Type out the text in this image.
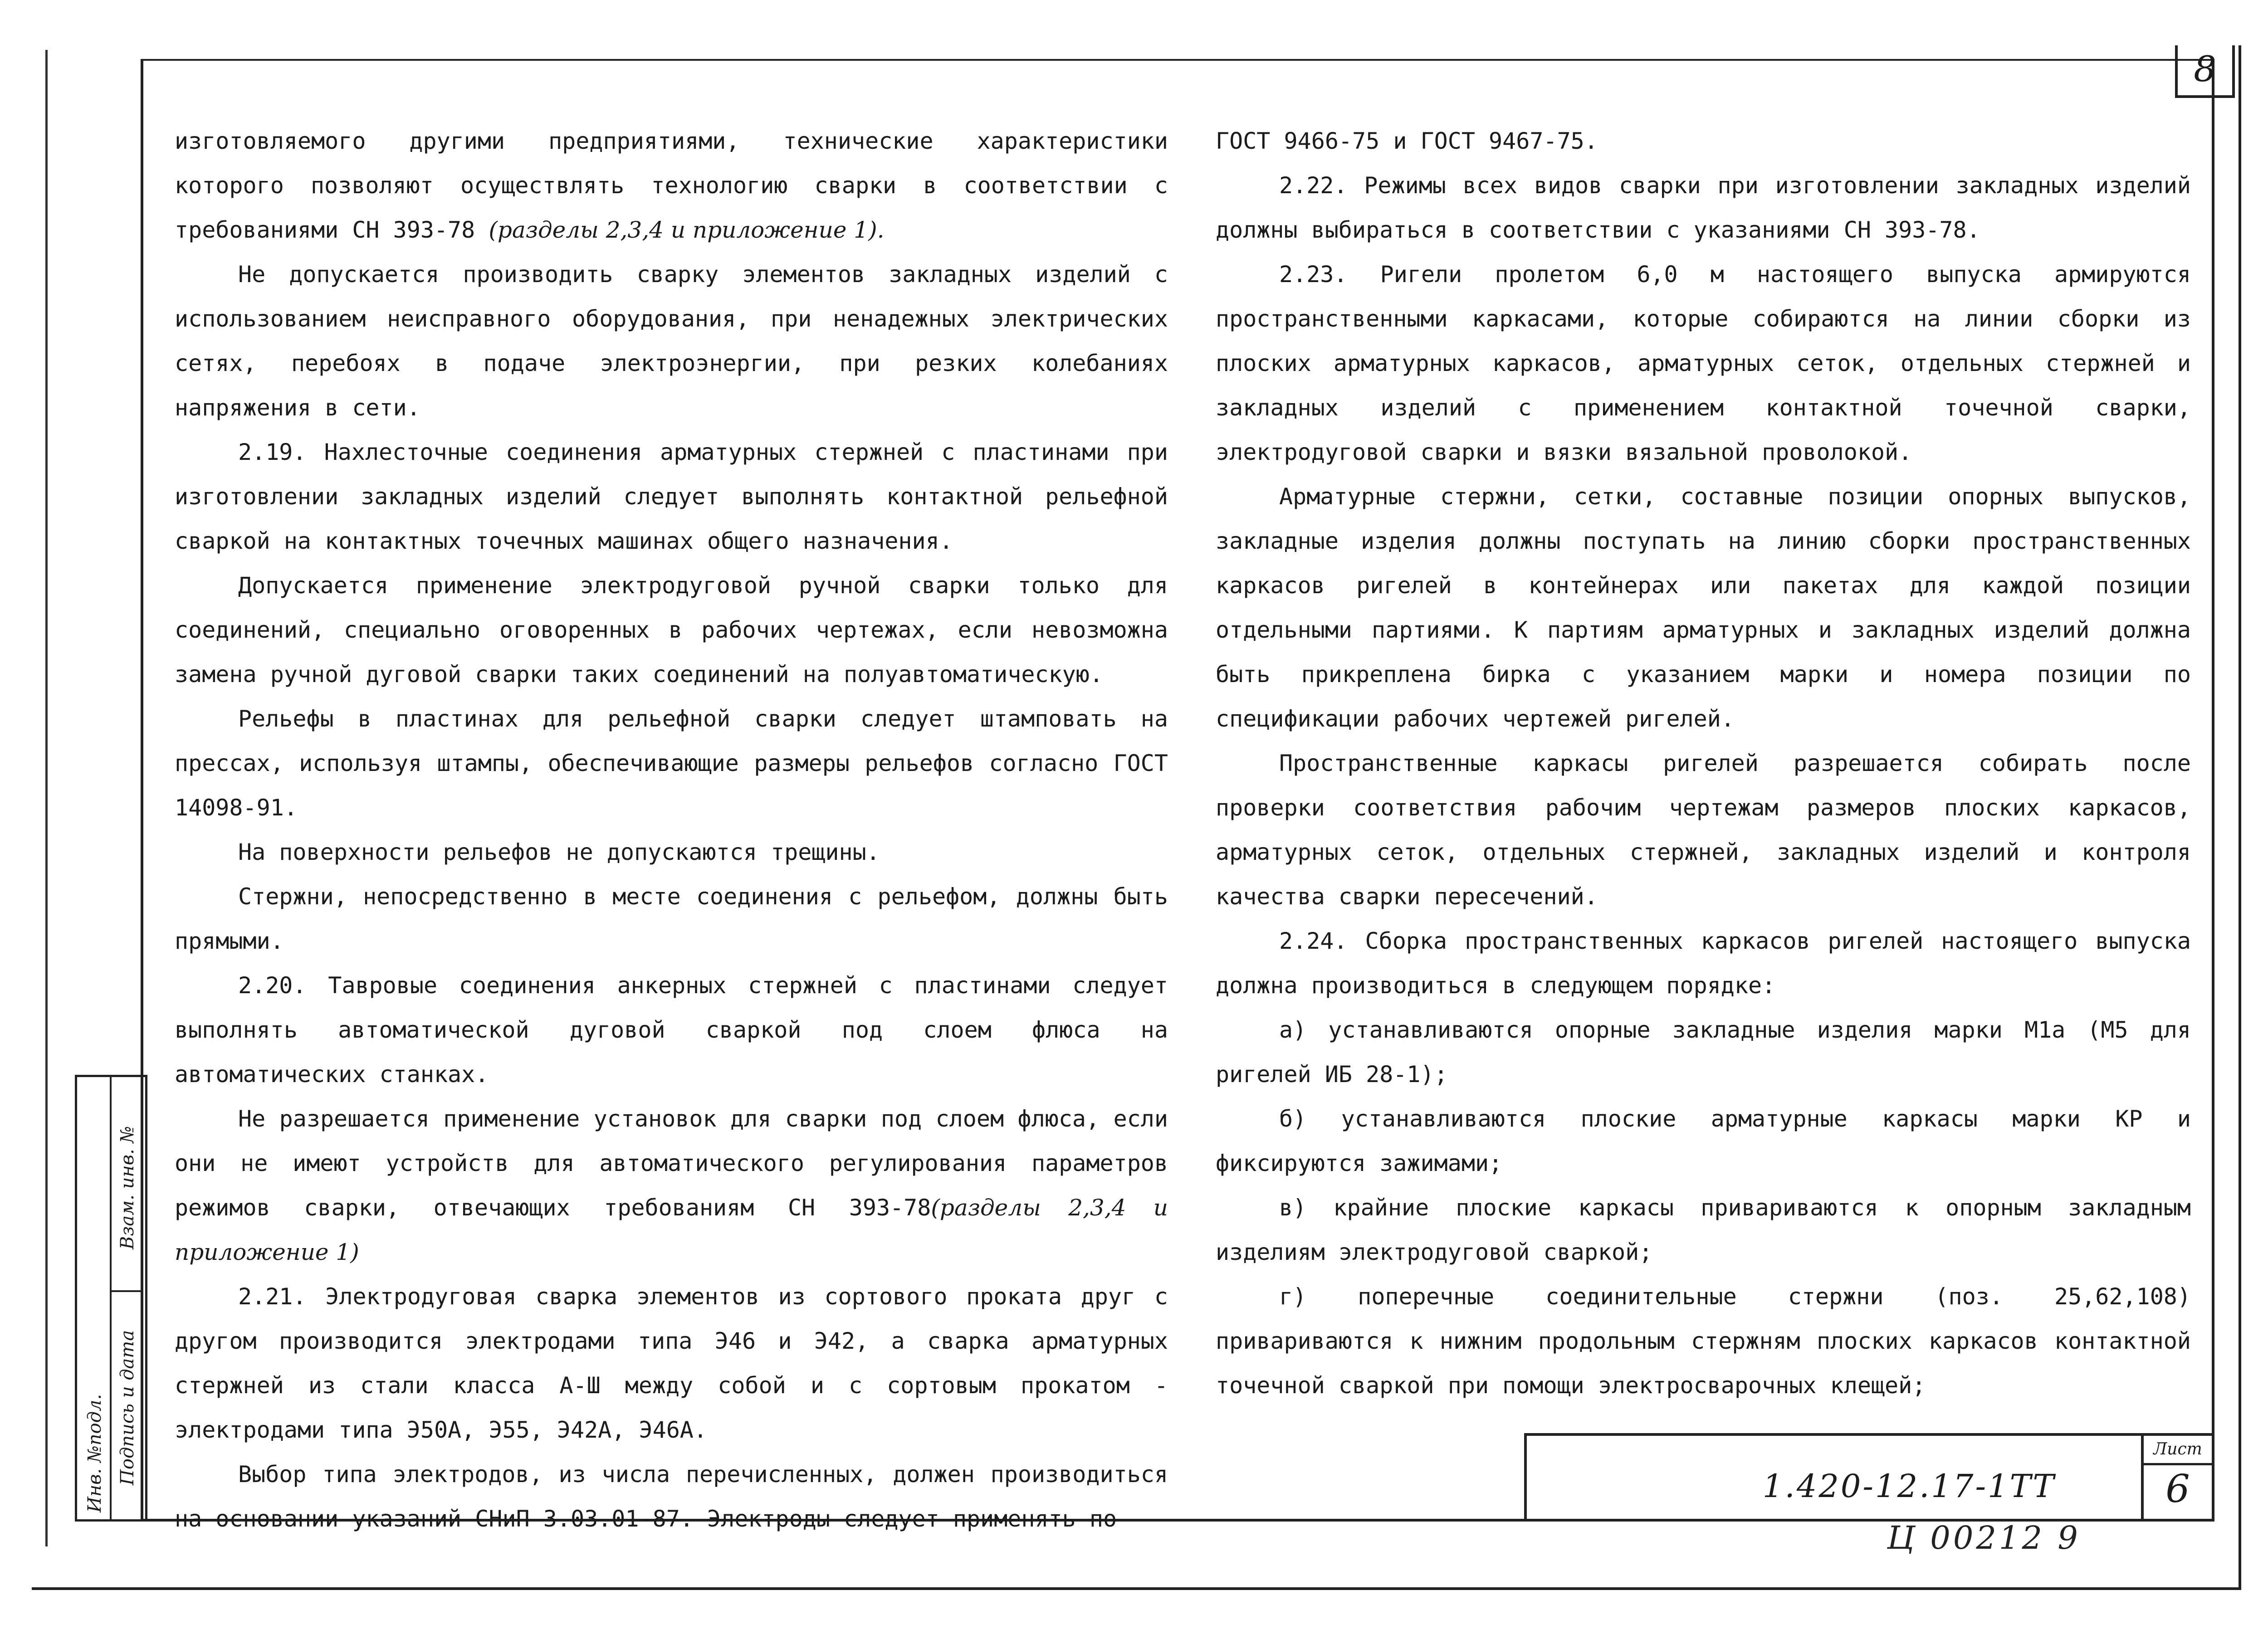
8
Инв. №подл. Подпись и дата
Взам. инв. №

изготовляемого другими предприятиями, технические характеристики которого позволяют осуществлять технологию сварки в соответствии с требованиями СН 393-78 (разделы 2,3,4 и приложение 1).

Не допускается производить сварку элементов закладных изделий с использованием неисправного оборудования, при ненадежных электрических сетях, перебоях в подаче электроэнергии, при резких колебаниях напряжения в сети.

2.19. Нахлесточные соединения арматурных стержней с пластинами при изготовлении закладных изделий следует выполнять контактной рельефной сваркой на контактных точечных машинах общего назначения.

Допускается применение электродуговой ручной сварки только для соединений, специально оговоренных в рабочих чертежах, если невозможна замена ручной дуговой сварки таких соединений на полуавтоматическую.

Рельефы в пластинах для рельефной сварки следует штамповать на прессах, используя штампы, обеспечивающие размеры рельефов согласно ГОСТ 14098-91.

На поверхности рельефов не допускаются трещины.

Стержни, непосредственно в месте соединения с рельефом, должны быть прямыми.

2.20. Тавровые соединения анкерных стержней с пластинами следует выполнять автоматической дуговой сваркой под слоем флюса на автоматических станках.

Не разрешается применение установок для сварки под слоем флюса, если они не имеют устройств для автоматического регулирования параметров режимов сварки, отвечающих требованиям СН 393-78(разделы 2,3,4 и приложение 1)

2.21. Электродуговая сварка элементов из сортового проката друг с другом производится электродами типа Э46 и Э42, а сварка арматурных стержней из стали класса А-Ш между собой и с сортовым прокатом - электродами типа Э50А, Э55, Э42А, Э46А.

Выбор типа электродов, из числа перечисленных, должен производиться на основании указаний СНиП 3.03.01-87. Электроды следует применять по

ГОСТ 9466-75 и ГОСТ 9467-75.

2.22. Режимы всех видов сварки при изготовлении закладных изделий должны выбираться в соответствии с указаниями СН 393-78.

2.23. Ригели пролетом 6,0 м настоящего выпуска армируются пространственными каркасами, которые собираются на линии сборки из плоских арматурных каркасов, арматурных сеток, отдельных стержней и закладных изделий с применением контактной точечной сварки, электродуговой сварки и вязки вязальной проволокой.

Арматурные стержни, сетки, составные позиции опорных выпусков, закладные изделия должны поступать на линию сборки пространственных каркасов ригелей в контейнерах или пакетах для каждой позиции отдельными партиями. К партиям арматурных и закладных изделий должна быть прикреплена бирка с указанием марки и номера позиции по спецификации рабочих чертежей ригелей.

Пространственные каркасы ригелей разрешается собирать после проверки соответствия рабочим чертежам размеров плоских каркасов, арматурных сеток, отдельных стержней, закладных изделий и контроля качества сварки пересечений.

2.24. Сборка пространственных каркасов ригелей настоящего выпуска должна производиться в следующем порядке:

а) устанавливаются опорные закладные изделия марки М1а (М5 для ригелей ИБ 28-1);

б) устанавливаются плоские арматурные каркасы марки КР и фиксируются зажимами;

в) крайние плоские каркасы привариваются к опорным закладным изделиям электродуговой сваркой;

г) поперечные соединительные стержни (поз. 25,62,108) привариваются к нижним продольным стержням плоских каркасов контактной точечной сваркой при помощи электросварочных клещей;

1.420-12.17-1ТТ
Лист
6
Ц 00212 9
